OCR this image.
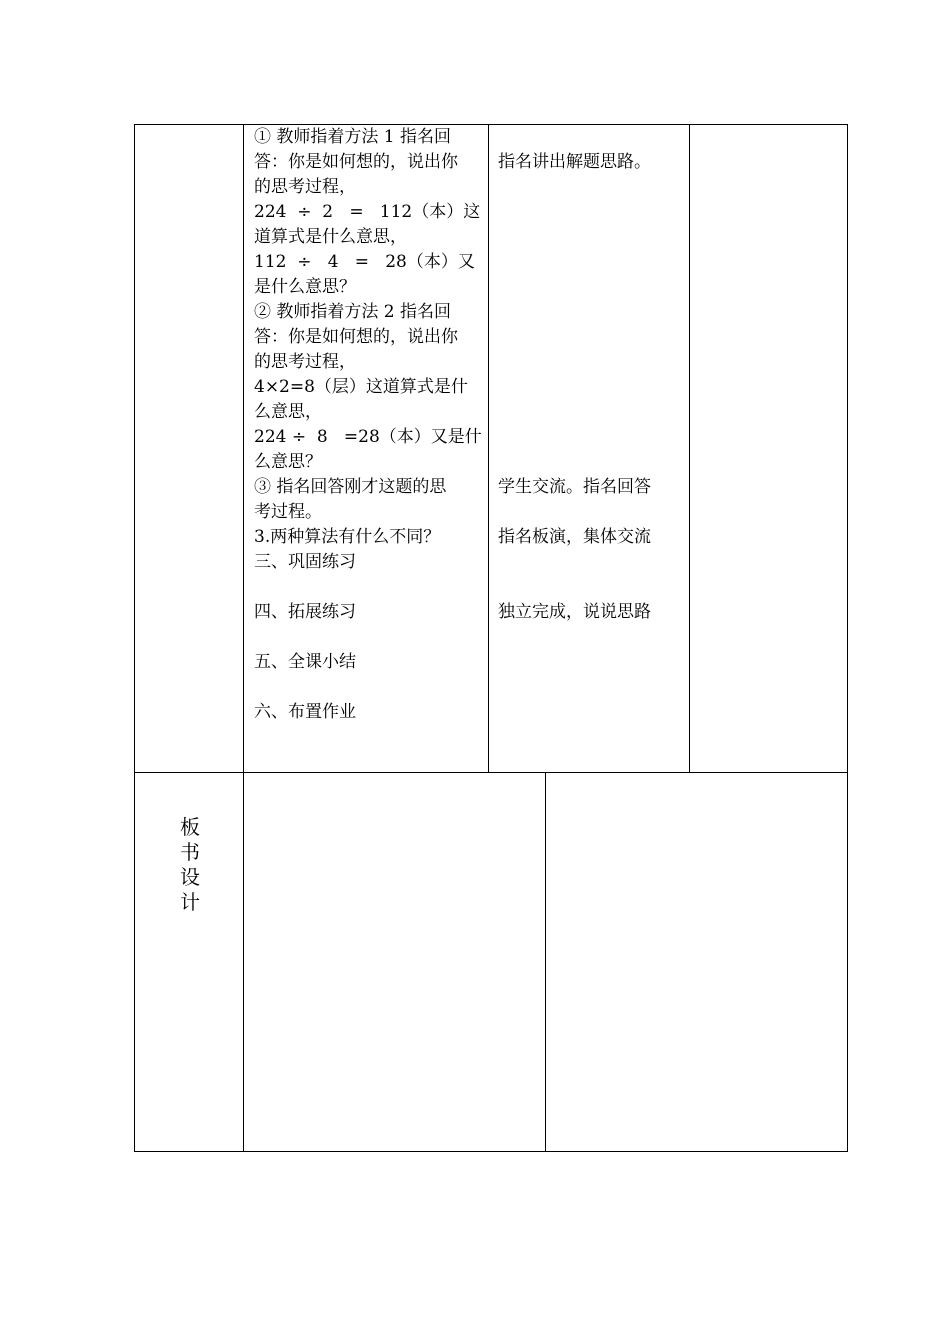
① 教师指着方法 1 指名回
答：你是如何想的，说出你
的思考过程，
224  ÷  2   =   112（本）这
道算式是什么意思，
112  ÷   4   =   28（本）又
是什么意思？
② 教师指着方法 2 指名回
答：你是如何想的，说出你
的思考过程，
4×2=8（层）这道算式是什
么意思，
224 ÷  8   =28（本）又是什
么意思？
③ 指名回答刚才这题的思
考过程。
3.两种算法有什么不同？
三、巩固练习
四、拓展练习
五、全课小结
六、布置作业
指名讲出解题思路。
学生交流。指名回答
指名板演，集体交流
独立完成，说说思路
板
书
设
计
